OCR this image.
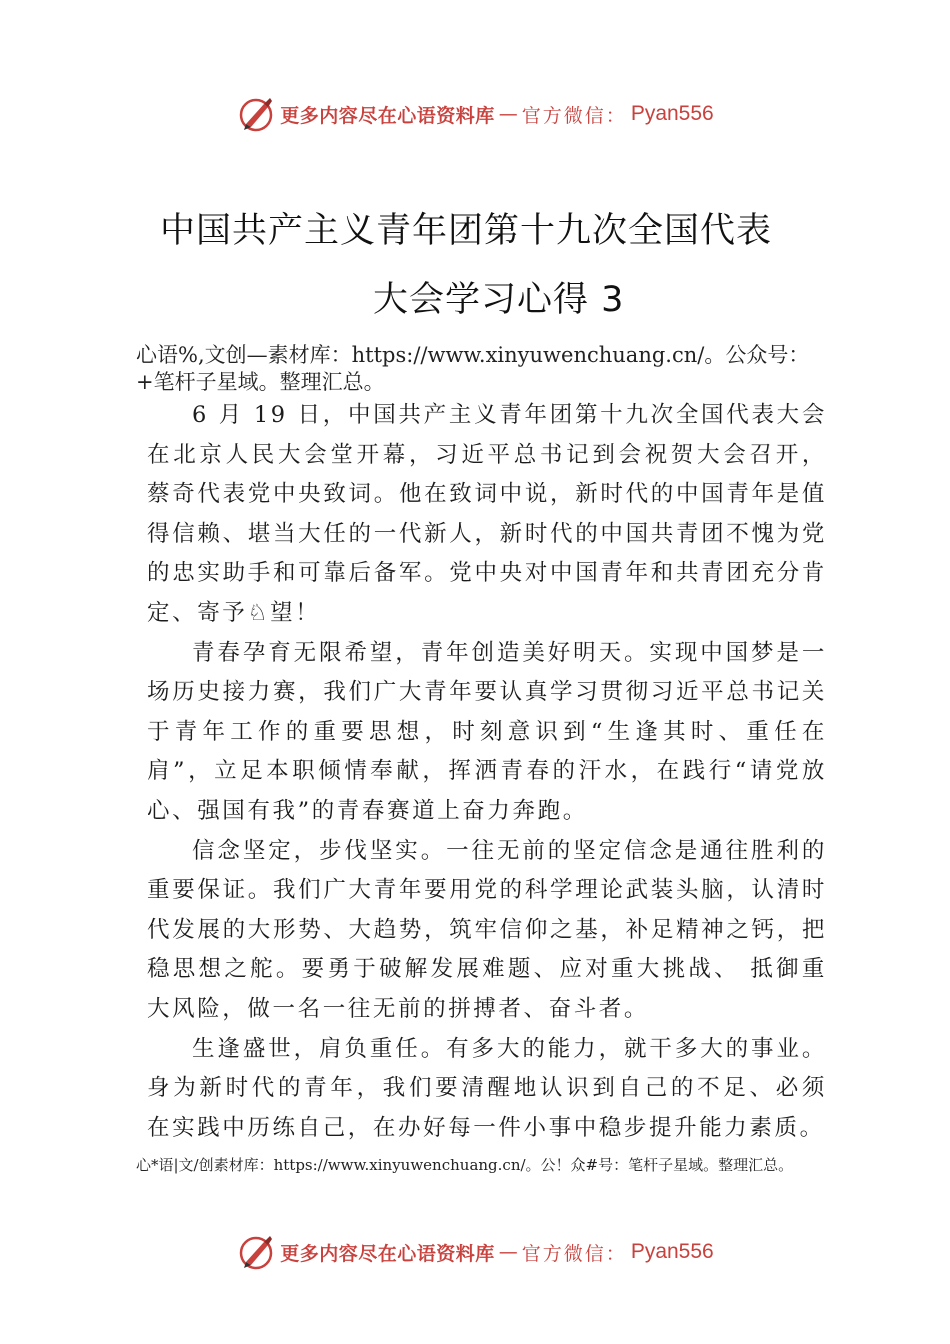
更多内容尽在心语资料库 — 官方微信： Pyan556
中国共产主义青年团第十九次全国代表
大会学习心得 3
心语%,文创—素材库：https://www.xinyuwenchuang.cn/。公众号：+笔杆子星域。整理汇总。

6 月 19 日，中国共产主义青年团第十九次全国代表大会在北京人民大会堂开幕，习近平总书记到会祝贺大会召开， 蔡奇代表党中央致词。他在致词中说，新时代的中国青年是值得信赖、堪当大任的一代新人，新时代的中国共青团不愧为党的忠实助手和可靠后备军。党中央对中国青年和共青团充分肯定、寄予♘望！

青春孕育无限希望，青年创造美好明天。实现中国梦是一场历史接力赛，我们广大青年要认真学习贯彻习近平总书记关于青年工作的重要思想，时刻意识到“生逢其时、重任在肩”，立足本职倾情奉献，挥洒青春的汗水，在践行“请党放心、强国有我”的青春赛道上奋力奔跑。

信念坚定，步伐坚实。一往无前的坚定信念是通往胜利的重要保证。我们广大青年要用党的科学理论武装头脑，认清时代发展的大形势、大趋势，筑牢信仰之基，补足精神之钙，把稳思想之舵。要勇于破解发展难题、应对重大挑战、 抵御重大风险，做一名一往无前的拼搏者、奋斗者。

生逢盛世，肩负重任。有多大的能力，就干多大的事业。身为新时代的青年，我们要清醒地认识到自己的不足、必须 在实践中历练自己，在办好每一件小事中稳步提升能力素质。

心*语|文/创素材库：https://www.xinyuwenchuang.cn/。公！众#号：笔杆子星域。整理汇总。
更多内容尽在心语资料库 — 官方微信： Pyan556
